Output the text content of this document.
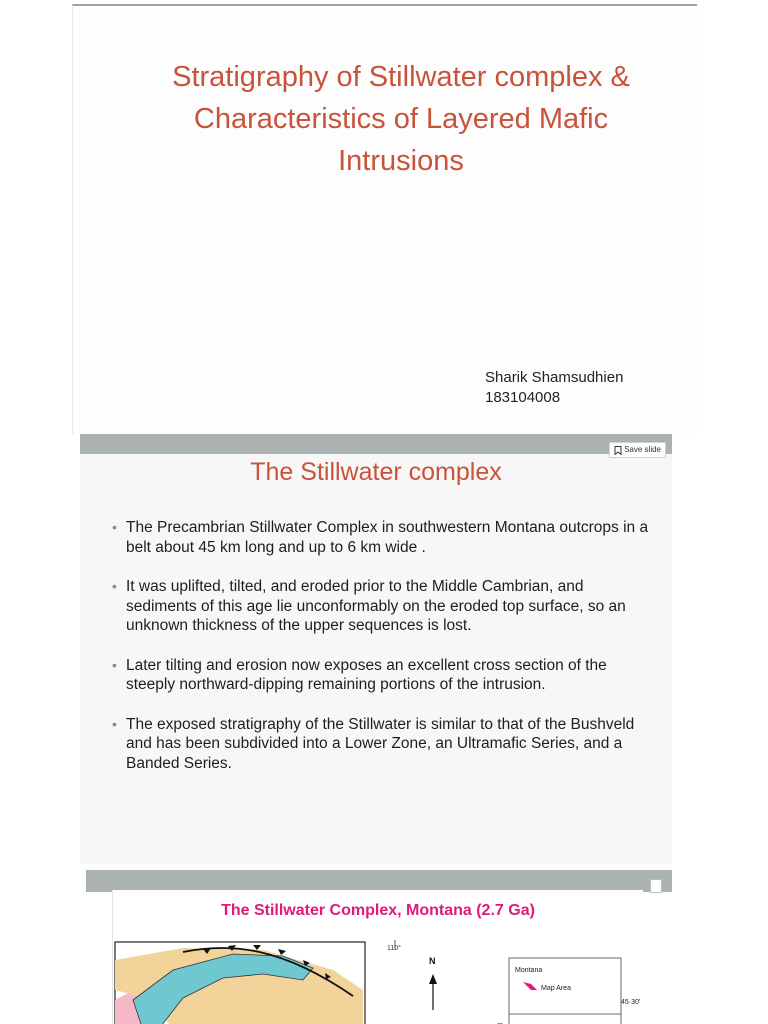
Stratigraphy of Stillwater complex &
Characteristics of Layered Mafic
Intrusions
Sharik Shamsudhien
183104008
Save slide
The Stillwater complex
• The Precambrian Stillwater Complex in southwestern Montana outcrops in a belt about 45 km long and up to 6 km wide .
• It was uplifted, tilted, and eroded prior to the Middle Cambrian, and sediments of this age lie unconformably on the eroded top surface, so an unknown thickness of the upper sequences is lost.
• Later tilting and erosion now exposes an excellent cross section of the steeply northward-dipping remaining portions of the intrusion.
• The exposed stratigraphy of the Stillwater is similar to that of the Bushveld and has been subdivided into a Lower Zone, an Ultramafic Series, and a Banded Series.
The Stillwater Complex, Montana (2.7 Ga)
110°
N
Montana
Map Area
45·30'
